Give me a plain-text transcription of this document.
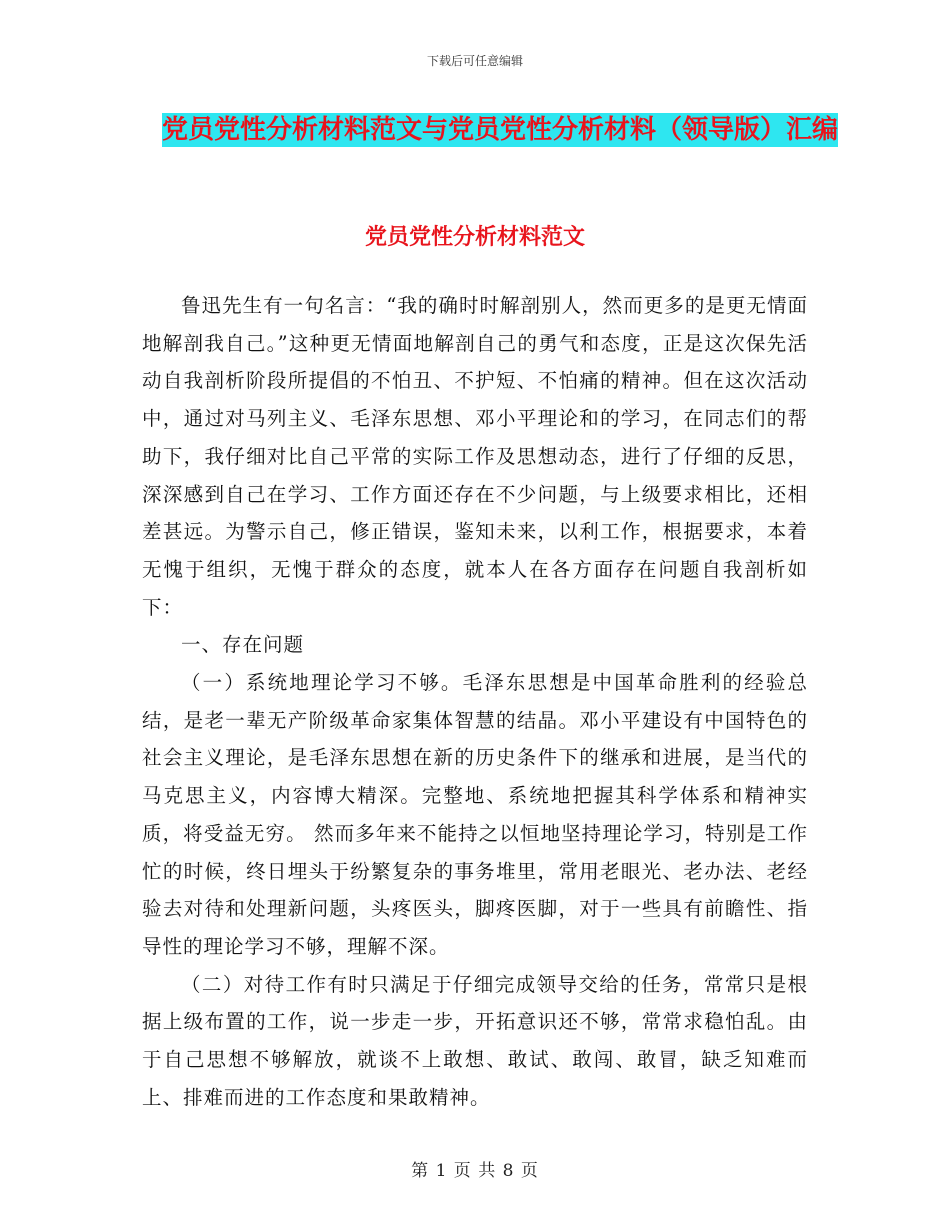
下载后可任意编辑
党员党性分析材料范文与党员党性分析材料（领导版）汇编
党员党性分析材料范文

鲁迅先生有一句名言：“我的确时时解剖别人，然而更多的是更无情面地解剖我自己。”这种更无情面地解剖自己的勇气和态度，正是这次保先活动自我剖析阶段所提倡的不怕丑、不护短、不怕痛的精神。但在这次活动中，通过对马列主义、毛泽东思想、邓小平理论和的学习，在同志们的帮助下，我仔细对比自己平常的实际工作及思想动态，进行了仔细的反思，深深感到自己在学习、工作方面还存在不少问题，与上级要求相比，还相差甚远。为警示自己，修正错误，鉴知未来，以利工作，根据要求，本着无愧于组织，无愧于群众的态度，就本人在各方面存在问题自我剖析如下：

一、存在问题

（一）系统地理论学习不够。毛泽东思想是中国革命胜利的经验总结，是老一辈无产阶级革命家集体智慧的结晶。邓小平建设有中国特色的社会主义理论，是毛泽东思想在新的历史条件下的继承和进展，是当代的马克思主义，内容博大精深。完整地、系统地把握其科学体系和精神实质，将受益无穷。 然而多年来不能持之以恒地坚持理论学习，特别是工作忙的时候，终日埋头于纷繁复杂的事务堆里，常用老眼光、老办法、老经验去对待和处理新问题，头疼医头，脚疼医脚，对于一些具有前瞻性、指导性的理论学习不够，理解不深。

（二）对待工作有时只满足于仔细完成领导交给的任务，常常只是根据上级布置的工作，说一步走一步，开拓意识还不够，常常求稳怕乱。由于自己思想不够解放，就谈不上敢想、敢试、敢闯、敢冒，缺乏知难而上、排难而进的工作态度和果敢精神。

第 1 页 共 8 页
